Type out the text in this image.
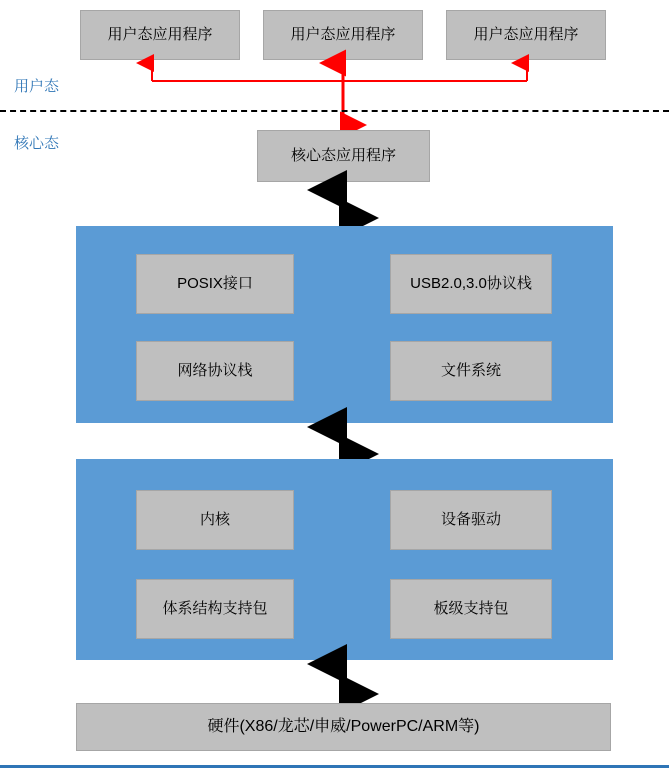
用户态应用程序	用户态应用程序	用户态应用程序
用户态
核心态
核心态应用程序
POSIX接口	USB2.0,3.0协议栈
网络协议栈	文件系统
内核	设备驱动
体系结构支持包	板级支持包
硬件(X86/龙芯/申威/PowerPC/ARM等)
